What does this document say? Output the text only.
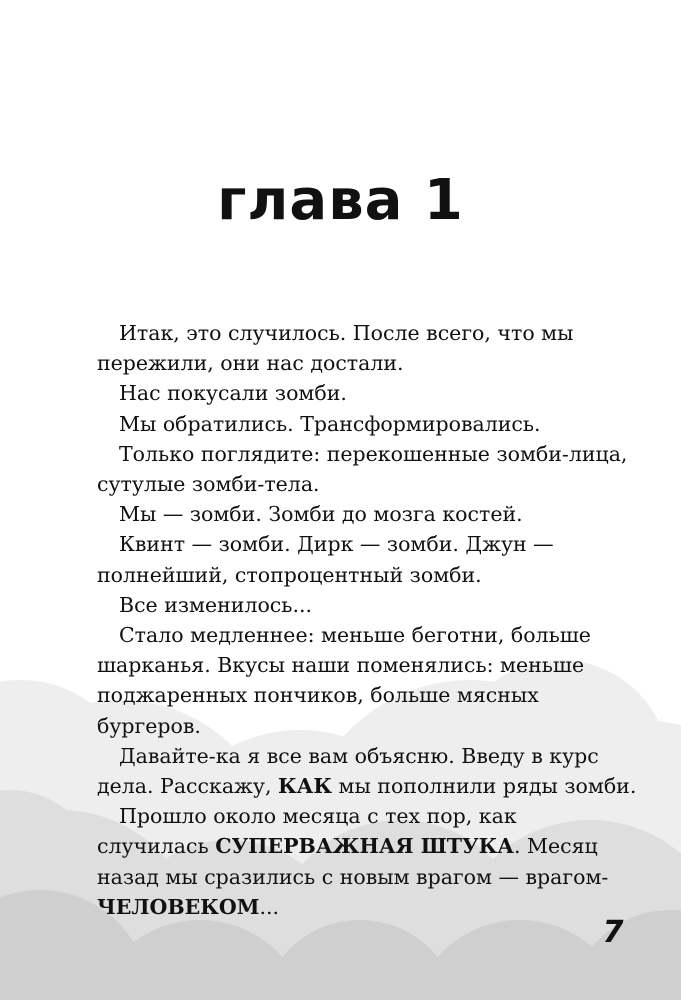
глава 1

Итак, это случилось. После всего, что мы
пережили, они нас достали.

Нас покусали зомби.

Мы обратились. Трансформировались.

Только поглядите: перекошенные зомби-лица,
сутулые зомби-тела.

Мы — зомби. Зомби до мозга костей.

Квинт — зомби. Дирк — зомби. Джун —
полнейший, стопроцентный зомби.

Все изменилось...

Стало медленнее: меньше беготни, больше
шарканья. Вкусы наши поменялись: меньше
поджаренных пончиков, больше мясных
бургеров.

Давайте-ка я все вам объясню. Введу в курс
дела. Расскажу, КАК мы пополнили ряды зомби.

Прошло около месяца с тех пор, как
случилась СУПЕРВАЖНАЯ ШТУКА. Месяц
назад мы сразились с новым врагом — врагом-
ЧЕЛОВЕКОМ...

7
